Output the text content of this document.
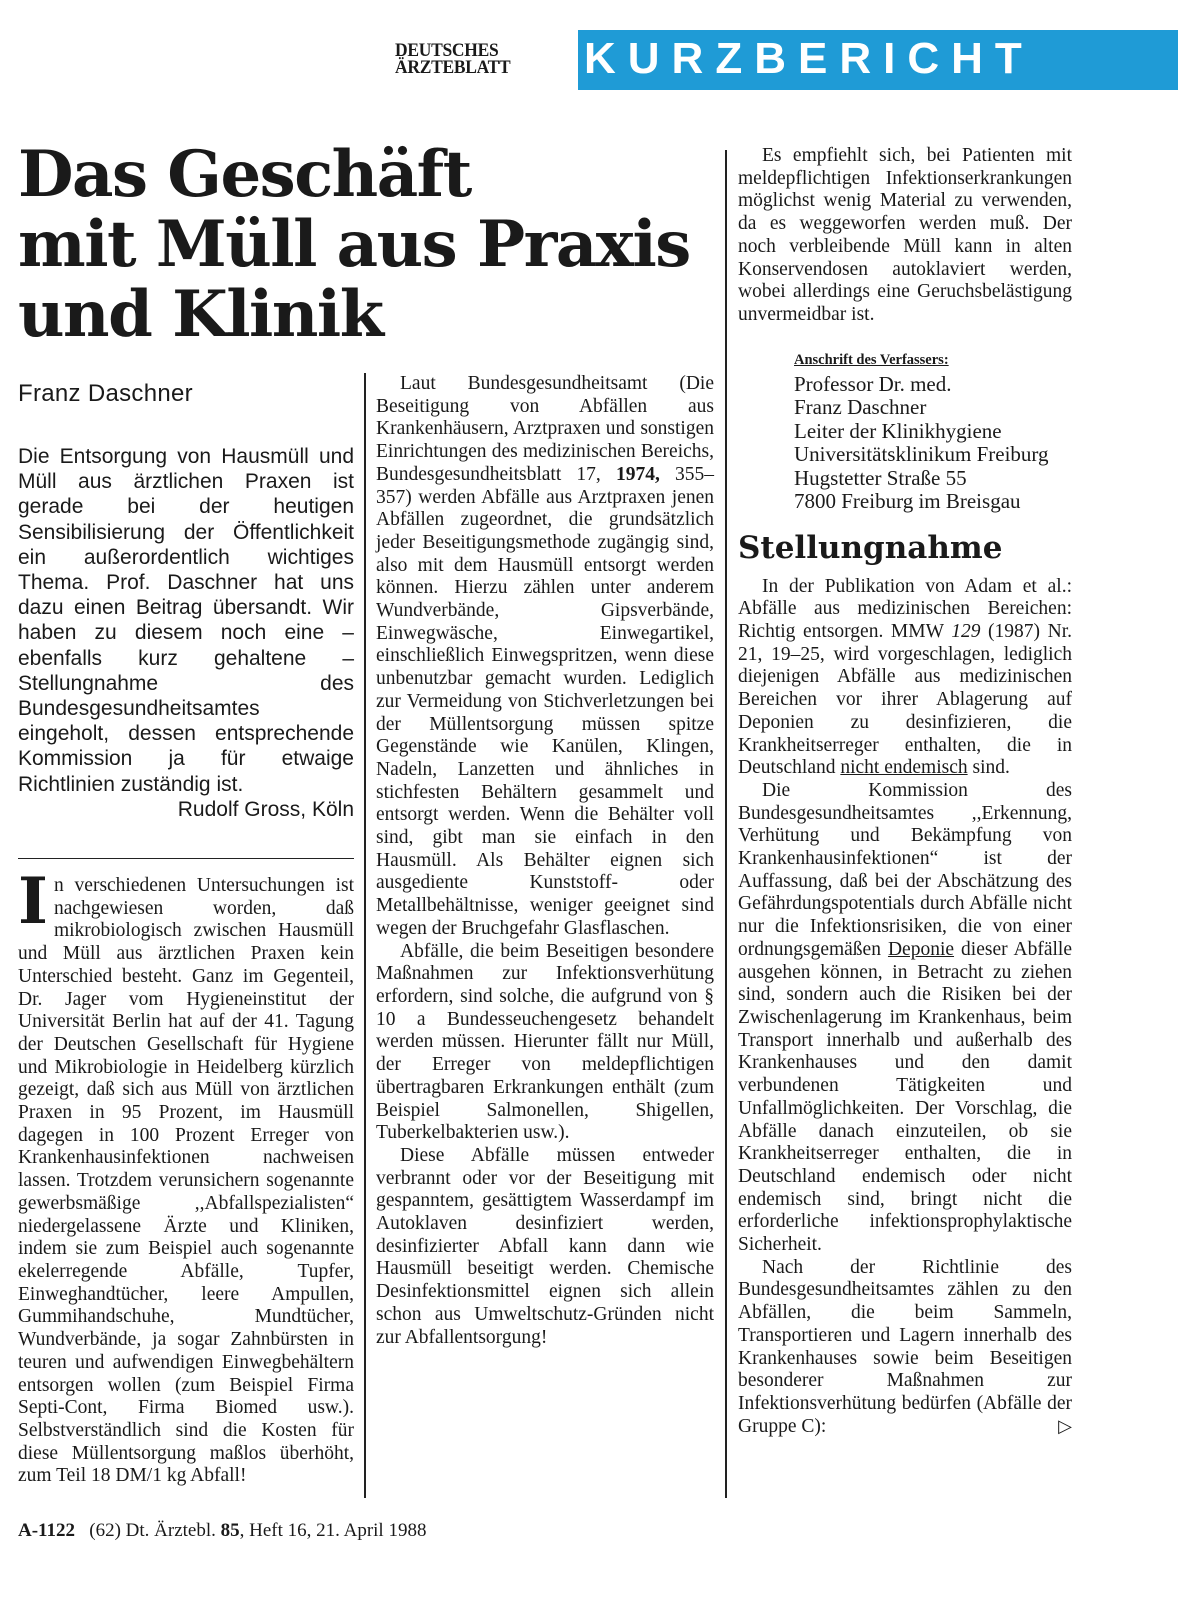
DEUTSCHES
ÄRZTEBLATT	KURZBERICHT
Das Geschäft
mit Müll aus Praxis
und Klinik

Franz Daschner

Die Entsorgung von Hausmüll und Müll aus ärztlichen Praxen ist gerade bei der heutigen Sensibilisierung der Öffentlichkeit ein außerordentlich wichtiges Thema. Prof. Daschner hat uns dazu einen Beitrag übersandt. Wir haben zu diesem noch eine – ebenfalls kurz gehaltene – Stellungnahme des Bundesgesundheitsamtes eingeholt, dessen entsprechende Kommission ja für etwaige Richtlinien zuständig ist.

Rudolf Gross, Köln

In verschiedenen Untersuchungen ist nachgewiesen worden, daß mikrobiologisch zwischen Hausmüll und Müll aus ärztlichen Praxen kein Unterschied besteht. Ganz im Gegenteil, Dr. Jager vom Hygieneinstitut der Universität Berlin hat auf der 41. Tagung der Deutschen Gesellschaft für Hygiene und Mikrobiologie in Heidelberg kürzlich gezeigt, daß sich aus Müll von ärztlichen Praxen in 95 Prozent, im Hausmüll dagegen in 100 Prozent Erreger von Krankenhausinfektionen nachweisen lassen. Trotzdem verunsichern sogenannte gewerbsmäßige ,,Abfallspezialisten“ niedergelassene Ärzte und Kliniken, indem sie zum Beispiel auch sogenannte ekelerregende Abfälle, Tupfer, Einweghandtücher, leere Ampullen, Gummihandschuhe, Mundtücher, Wundverbände, ja sogar Zahnbürsten in teuren und aufwendigen Einwegbehältern entsorgen wollen (zum Beispiel Firma Septi-Cont, Firma Biomed usw.). Selbstverständlich sind die Kosten für diese Müllentsorgung maßlos überhöht, zum Teil 18 DM/1 kg Abfall!

Laut Bundesgesundheitsamt (Die Beseitigung von Abfällen aus Krankenhäusern, Arztpraxen und sonstigen Einrichtungen des medizinischen Bereichs, Bundesgesundheitsblatt 17, 1974, 355–357) werden Abfälle aus Arztpraxen jenen Abfällen zugeordnet, die grundsätzlich jeder Beseitigungsmethode zugängig sind, also mit dem Hausmüll entsorgt werden können. Hierzu zählen unter anderem Wundverbände, Gipsverbände, Einwegwäsche, Einwegartikel, einschließlich Einwegspritzen, wenn diese unbenutzbar gemacht wurden. Lediglich zur Vermeidung von Stichverletzungen bei der Müllentsorgung müssen spitze Gegenstände wie Kanülen, Klingen, Nadeln, Lanzetten und ähnliches in stichfesten Behältern gesammelt und entsorgt werden. Wenn die Behälter voll sind, gibt man sie einfach in den Hausmüll. Als Behälter eignen sich ausgediente Kunststoff- oder Metallbehältnisse, weniger geeignet sind wegen der Bruchgefahr Glasflaschen.

Abfälle, die beim Beseitigen besondere Maßnahmen zur Infektionsverhütung erfordern, sind solche, die aufgrund von § 10 a Bundesseuchengesetz behandelt werden müssen. Hierunter fällt nur Müll, der Erreger von meldepflichtigen übertragbaren Erkrankungen enthält (zum Beispiel Salmonellen, Shigellen, Tuberkelbakterien usw.).

Diese Abfälle müssen entweder verbrannt oder vor der Beseitigung mit gespanntem, gesättigtem Wasserdampf im Autoklaven desinfiziert werden, desinfizierter Abfall kann dann wie Hausmüll beseitigt werden. Chemische Desinfektionsmittel eignen sich allein schon aus Umweltschutz-Gründen nicht zur Abfallentsorgung!

Es empfiehlt sich, bei Patienten mit meldepflichtigen Infektionserkrankungen möglichst wenig Material zu verwenden, da es weggeworfen werden muß. Der noch verbleibende Müll kann in alten Konservendosen autoklaviert werden, wobei allerdings eine Geruchsbelästigung unvermeidbar ist.

Anschrift des Verfassers:
Professor Dr. med.
Franz Daschner
Leiter der Klinikhygiene
Universitätsklinikum Freiburg
Hugstetter Straße 55
7800 Freiburg im Breisgau

Stellungnahme

In der Publikation von Adam et al.: Abfälle aus medizinischen Bereichen: Richtig entsorgen. MMW 129 (1987) Nr. 21, 19–25, wird vorgeschlagen, lediglich diejenigen Abfälle aus medizinischen Bereichen vor ihrer Ablagerung auf Deponien zu desinfizieren, die Krankheitserreger enthalten, die in Deutschland nicht endemisch sind.

Die Kommission des Bundesgesundheitsamtes ,,Erkennung, Verhütung und Bekämpfung von Krankenhausinfektionen“ ist der Auffassung, daß bei der Abschätzung des Gefährdungspotentials durch Abfälle nicht nur die Infektionsrisiken, die von einer ordnungsgemäßen Deponie dieser Abfälle ausgehen können, in Betracht zu ziehen sind, sondern auch die Risiken bei der Zwischenlagerung im Krankenhaus, beim Transport innerhalb und außerhalb des Krankenhauses und den damit verbundenen Tätigkeiten und Unfallmöglichkeiten. Der Vorschlag, die Abfälle danach einzuteilen, ob sie Krankheitserreger enthalten, die in Deutschland endemisch oder nicht endemisch sind, bringt nicht die erforderliche infektionsprophylaktische Sicherheit.

Nach der Richtlinie des Bundesgesundheitsamtes zählen zu den Abfällen, die beim Sammeln, Transportieren und Lagern innerhalb des Krankenhauses sowie beim Beseitigen besonderer Maßnahmen zur Infektionsverhütung bedürfen (Abfälle der Gruppe C):	▷

A-1122 (62) Dt. Ärztebl. 85, Heft 16, 21. April 1988
